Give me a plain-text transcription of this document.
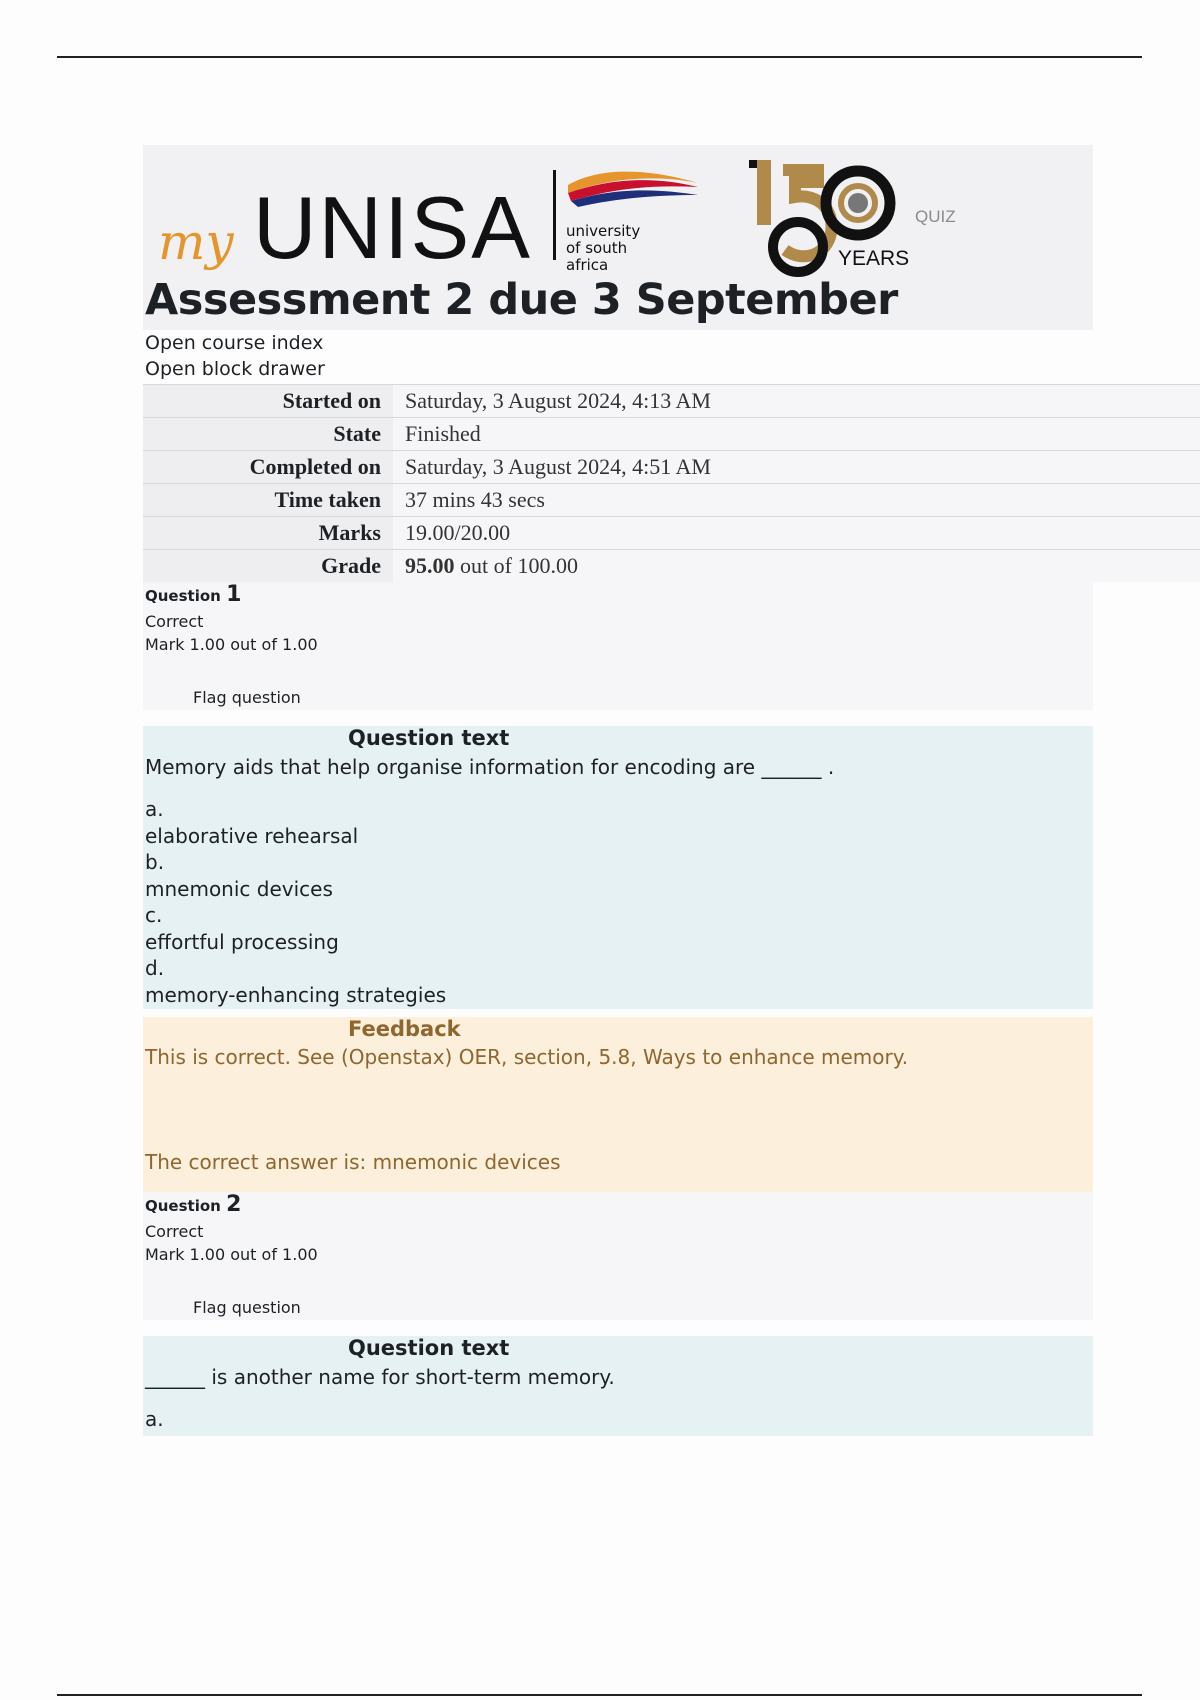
my UNISA university
of south africa	YEARS
QUIZ
Assessment 2 due 3 September
Open course index
Open block drawer
Started on	Saturday, 3 August 2024, 4:13 AM
State	Finished
Completed on	Saturday, 3 August 2024, 4:51 AM
Time taken	37 mins 43 secs
Marks	19.00/20.00
Grade	95.00 out of 100.00
Question 1
Correct
Mark 1.00 out of 1.00
Flag question
Question text
Memory aids that help organise information for encoding are ______ .
a.
elaborative rehearsal
b.
mnemonic devices
c.
effortful processing
d.
memory-enhancing strategies
Feedback
This is correct. See (Openstax) OER, section, 5.8, Ways to enhance memory.
The correct answer is: mnemonic devices
Question 2
Correct
Mark 1.00 out of 1.00
Flag question
Question text
______ is another name for short-term memory.
a.
